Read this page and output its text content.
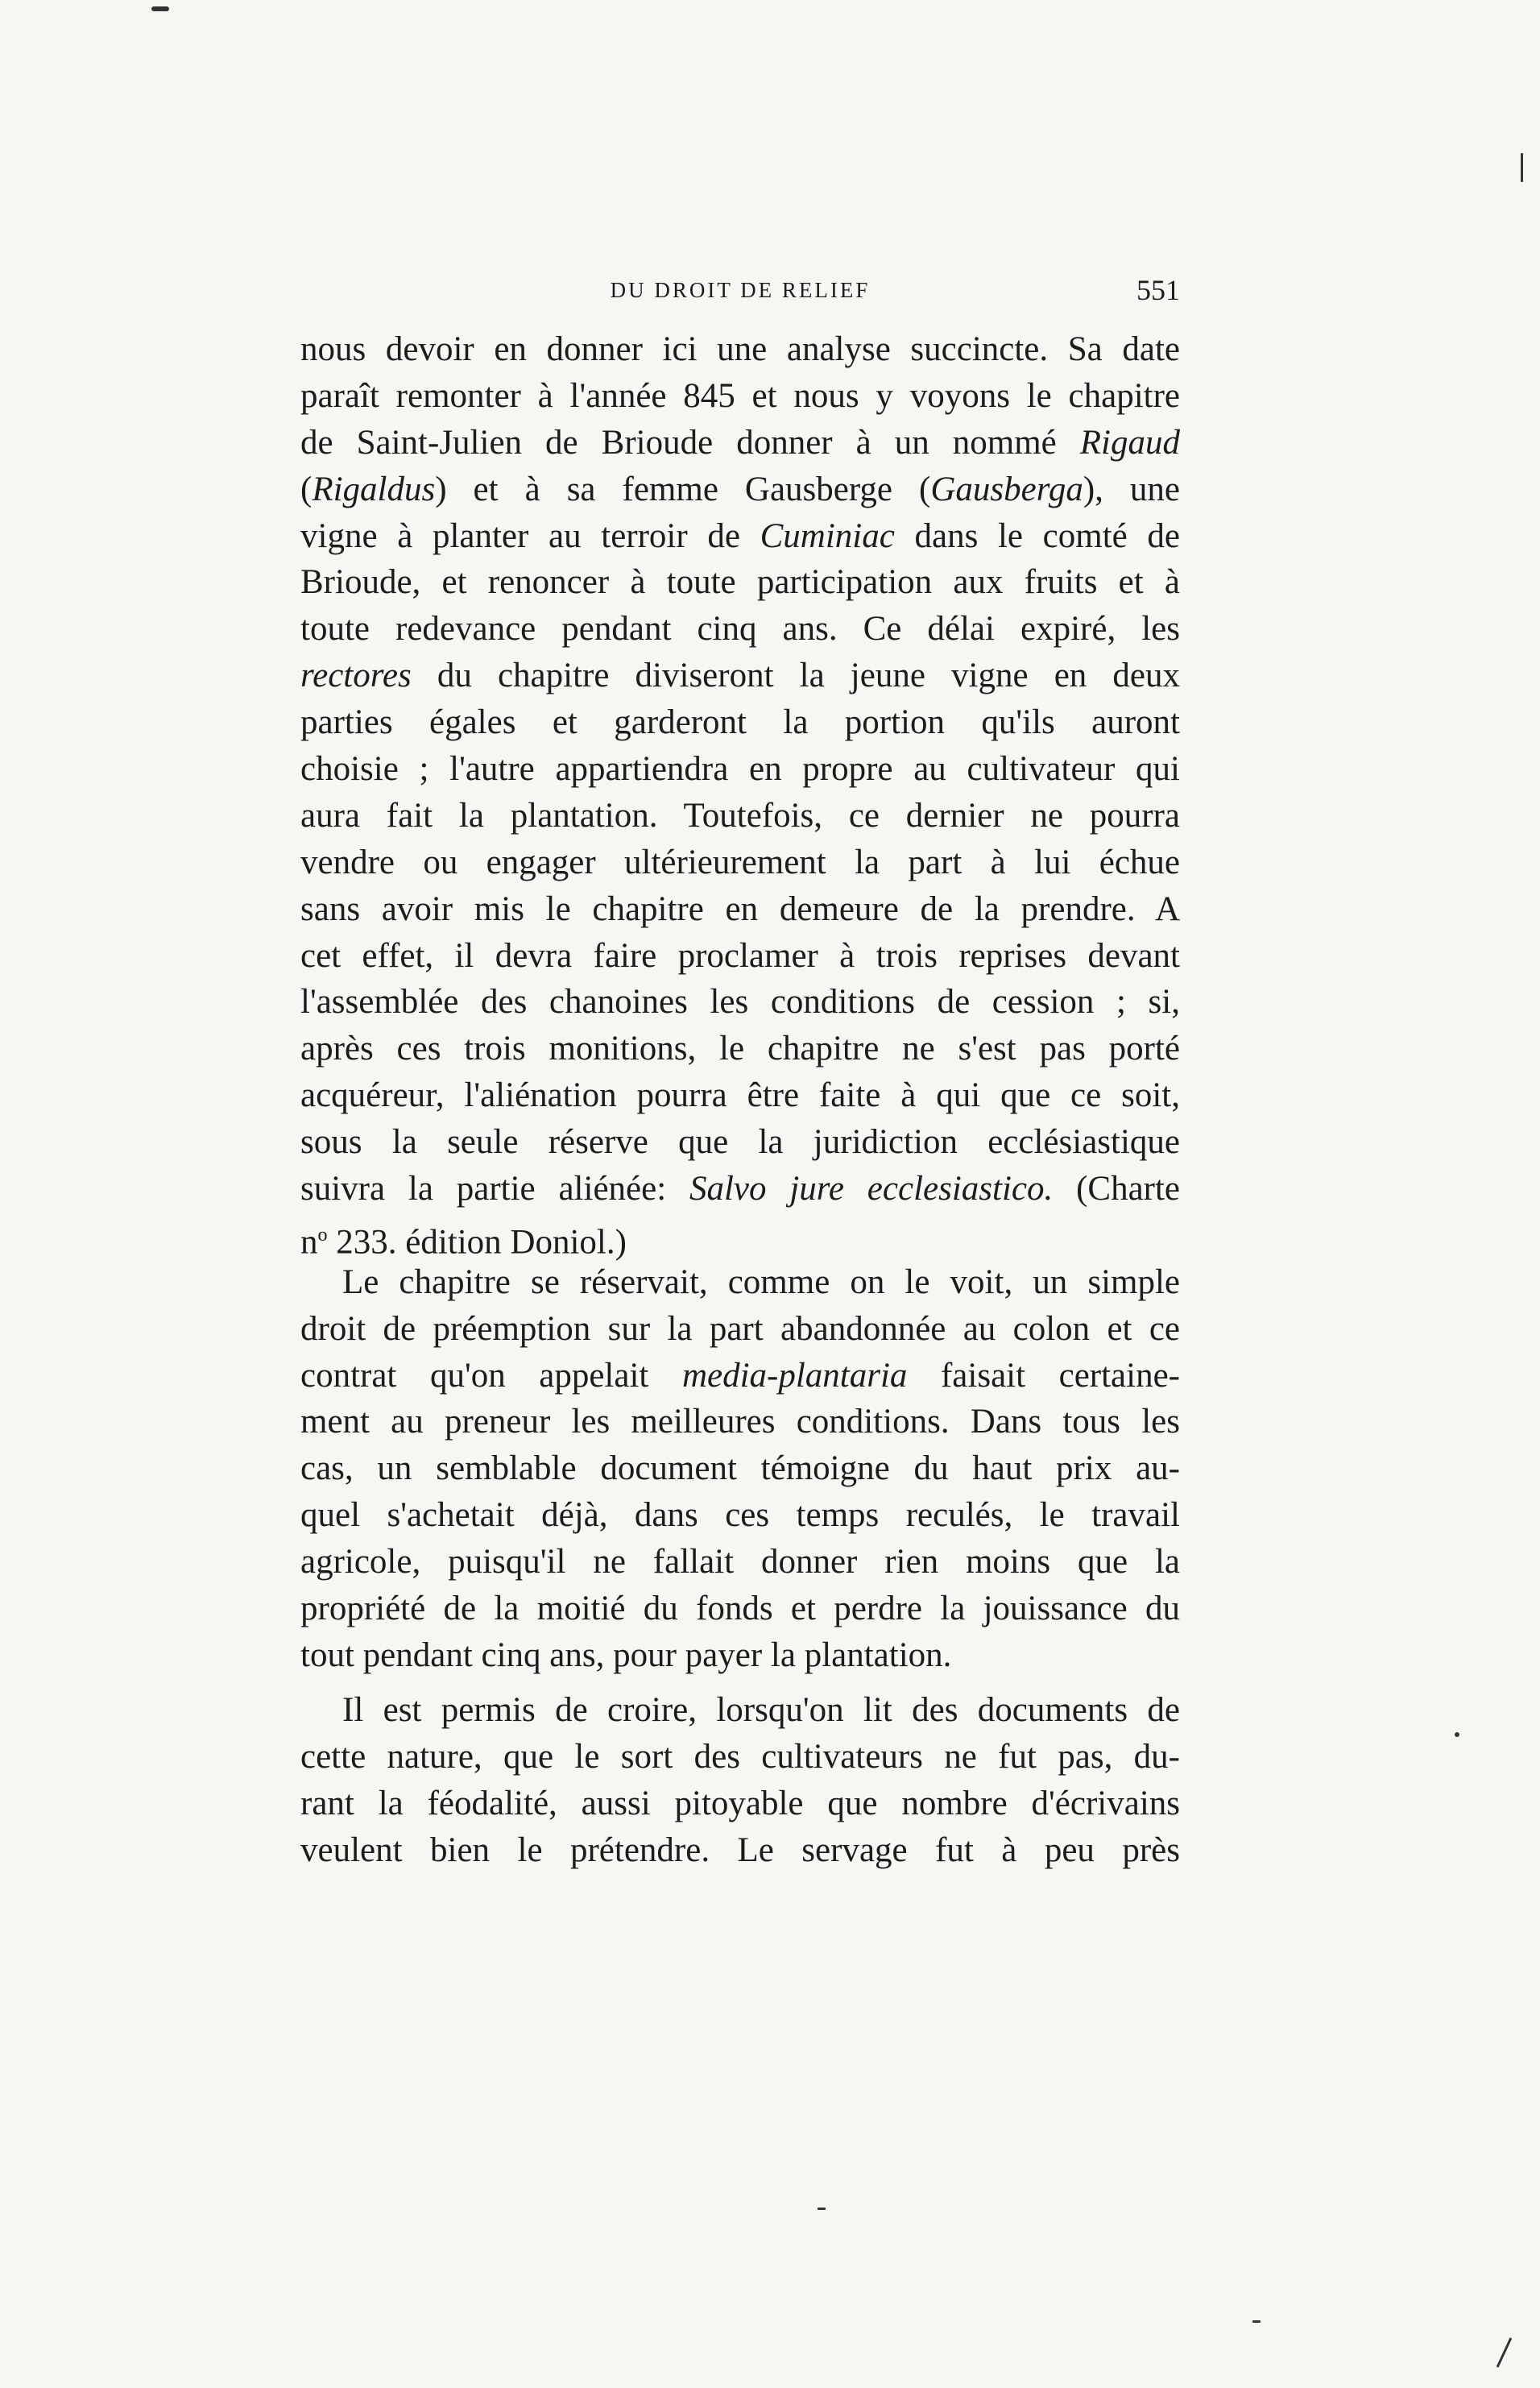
DU DROIT DE RELIEF	551
nous devoir en donner ici une analyse succincte. Sa date
paraît remonter à l'année 845 et nous y voyons le chapitre
de Saint-Julien de Brioude donner à un nommé Rigaud
(Rigaldus) et à sa femme Gausberge (Gausberga), une
vigne à planter au terroir de Cuminiac dans le comté de
Brioude, et renoncer à toute participation aux fruits et à
toute redevance pendant cinq ans. Ce délai expiré, les
rectores du chapitre diviseront la jeune vigne en deux
parties égales et garderont la portion qu'ils auront
choisie ; l'autre appartiendra en propre au cultivateur qui
aura fait la plantation. Toutefois, ce dernier ne pourra
vendre ou engager ultérieurement la part à lui échue
sans avoir mis le chapitre en demeure de la prendre. A
cet effet, il devra faire proclamer à trois reprises devant
l'assemblée des chanoines les conditions de cession ; si,
après ces trois monitions, le chapitre ne s'est pas porté
acquéreur, l'aliénation pourra être faite à qui que ce soit,
sous la seule réserve que la juridiction ecclésiastique
suivra la partie aliénée: Salvo jure ecclesiastico. (Charte
$n^o$ 233. édition Doniol.)
Le chapitre se réservait, comme on le voit, un simple
droit de préemption sur la part abandonnée au colon et ce
contrat qu'on appelait media-plantaria faisait certaine-
ment au preneur les meilleures conditions. Dans tous les
cas, un semblable document témoigne du haut prix au-
quel s'achetait déjà, dans ces temps reculés, le travail
agricole, puisqu'il ne fallait donner rien moins que la
propriété de la moitié du fonds et perdre la jouissance du
tout pendant cinq ans, pour payer la plantation.
Il est permis de croire, lorsqu'on lit des documents de
cette nature, que le sort des cultivateurs ne fut pas, du-
rant la féodalité, aussi pitoyable que nombre d'écrivains
veulent bien le prétendre. Le servage fut à peu près
